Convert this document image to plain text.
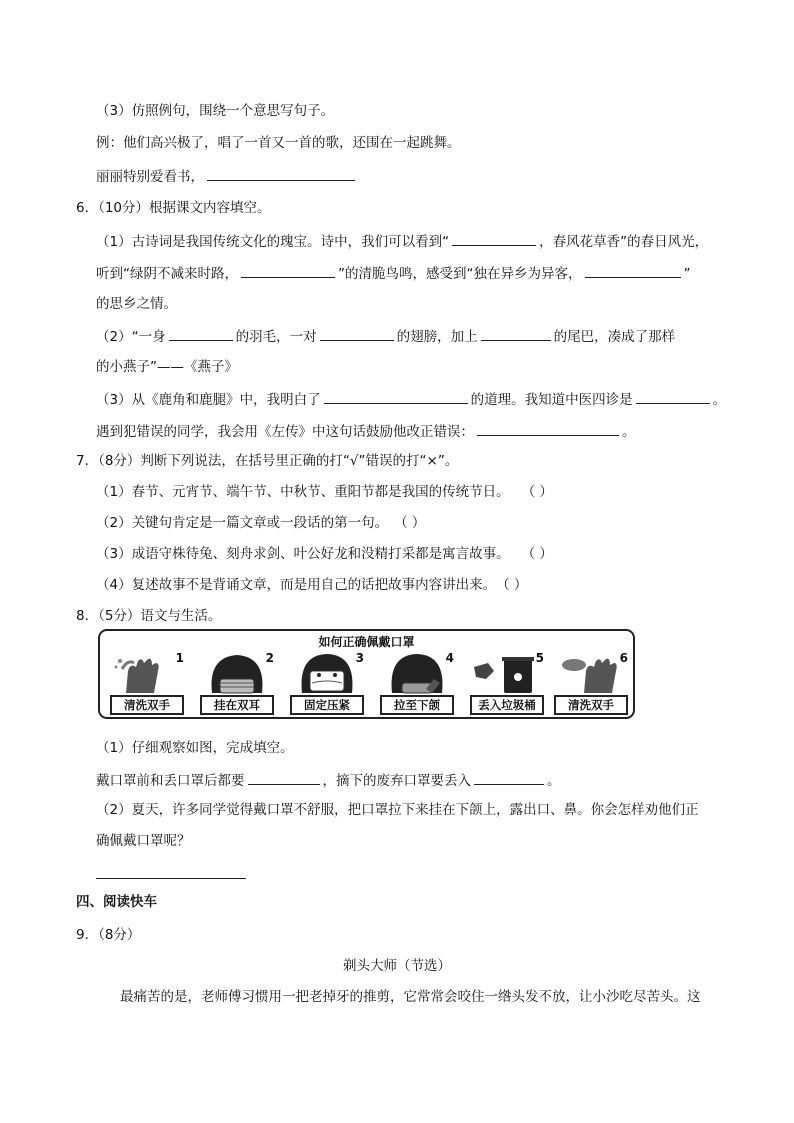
（3）仿照例句，围绕一个意思写句子。
例：他们高兴极了，唱了一首又一首的歌，还围在一起跳舞。
丽丽特别爱看书，
6．（10分）根据课文内容填空。
（1）古诗词是我国传统文化的瑰宝。诗中，我们可以看到“	，春风花草香”的春日风光，
听到“绿阴不减来时路，	”的清脆鸟鸣，感受到“独在异乡为异客，	”
的思乡之情。
（2）“一身	的羽毛，一对	的翅膀，加上	的尾巴，凑成了那样
的小燕子”——《燕子》
（3）从《鹿角和鹿腿》中，我明白了	的道理。我知道中医四诊是	。
遇到犯错误的同学，我会用《左传》中这句话鼓励他改正错误：	。
7．（8分）判断下列说法，在括号里正确的打“√”错误的打“×”。
（1）春节、元宵节、端午节、中秋节、重阳节都是我国的传统节日。 （ ）
（2）关键句肯定是一篇文章或一段话的第一句。 （ ）
（3）成语守株待兔、刻舟求剑、叶公好龙和没精打采都是寓言故事。 （ ）
（4）复述故事不是背诵文章，而是用自己的话把故事内容讲出来。（ ）
8．（5分）语文与生活。
如何正确佩戴口罩
1
清洗双手
2
挂在双耳
3
固定压紧
4
拉至下颌
5
丢入垃圾桶
6
清洗双手
（1）仔细观察如图，完成填空。
戴口罩前和丢口罩后都要	，摘下的废弃口罩要丢入	。
（2）夏天，许多同学觉得戴口罩不舒服，把口罩拉下来挂在下颌上，露出口、鼻。你会怎样劝他们正
确佩戴口罩呢？
四、阅读快车
9．（8分）
剃头大师（节选）
最痛苦的是，老师傅习惯用一把老掉牙的推剪，它常常会咬住一绺头发不放，让小沙吃尽苦头。这
